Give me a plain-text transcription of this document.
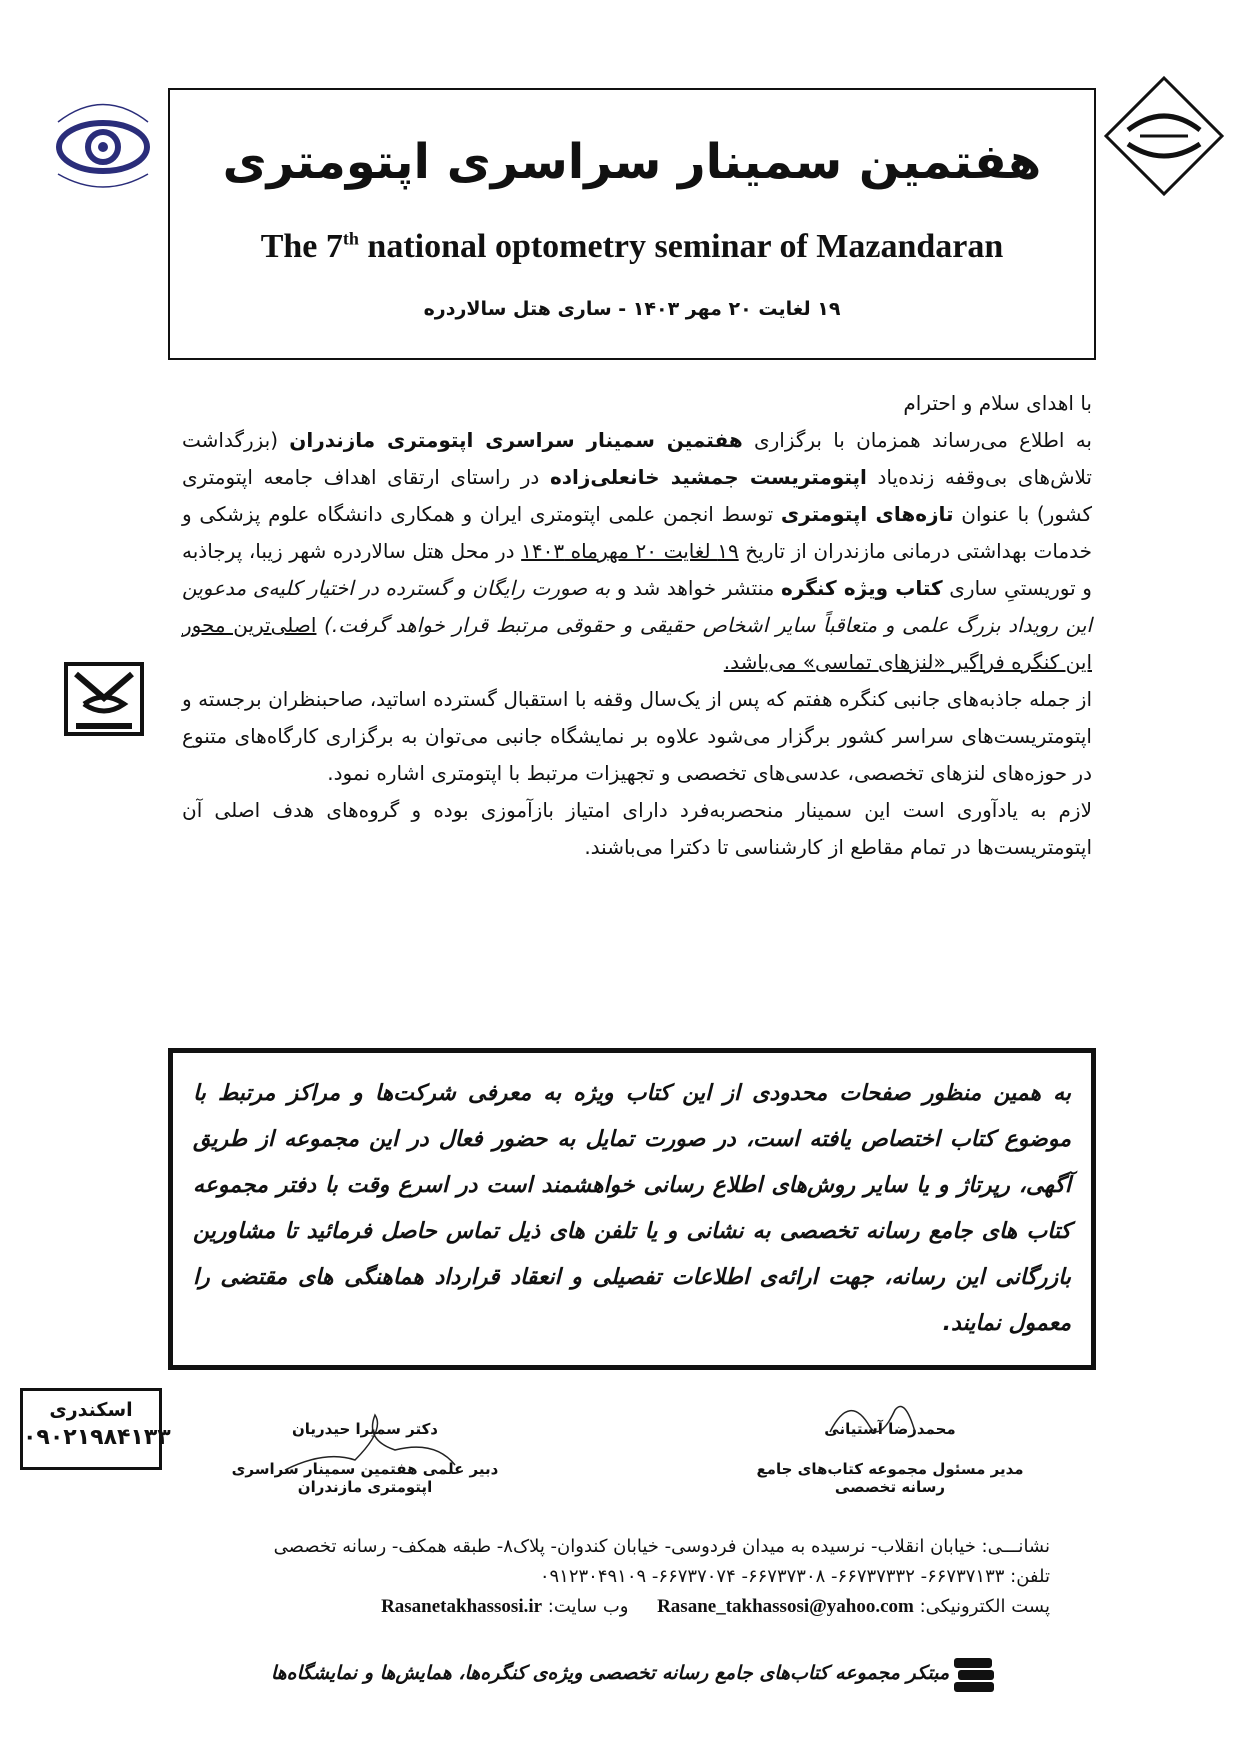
هفتمین سمینار سراسری اپتومتری
The 7th national optometry seminar of Mazandaran
۱۹ لغایت ۲۰ مهر ۱۴۰۳ - ساری هتل سالاردره

با اهدای سلام و احترام

به اطلاع می‌رساند همزمان با برگزاری هفتمین سمینار سراسری اپتومتری مازندران (بزرگداشت تلاش‌های بی‌وقفه زنده‌یاد اپتومتریست جمشید خانعلی‌زاده در راستای ارتقای اهداف جامعه اپتومتری کشور) با عنوان تازه‌های اپتومتری توسط انجمن علمی اپتومتری ایران و همکاری دانشگاه علوم پزشکی و خدمات بهداشتی درمانی مازندران از تاریخ ۱۹ لغایت ۲۰ مهرماه ۱۴۰۳ در محل هتل سالاردره شهر زیبا، پرجاذبه و توریستیِ ساری کتاب ویژه کنگره منتشر خواهد شد و به صورت رایگان و گسترده در اختیار کلیه‌ی مدعوین این رویداد بزرگ علمی و متعاقباً سایر اشخاص حقیقی و حقوقی مرتبط قرار خواهد گرفت.) اصلی‌ترین محور این کنگره فراگیر «لنزهای تماسی» می‌باشد.

از جمله جاذبه‌های جانبی کنگره هفتم که پس از یک‌سال وقفه با استقبال گسترده اساتید، صاحبنظران برجسته و اپتومتریست‌های سراسر کشور برگزار می‌شود علاوه بر نمایشگاه جانبی می‌توان به برگزاری کارگاه‌های متنوع در حوزه‌های لنزهای تخصصی، عدسی‌های تخصصی و تجهیزات مرتبط با اپتومتری اشاره نمود.

لازم به یادآوری است این سمینار منحصربه‌فرد دارای امتیاز بازآموزی بوده و گروه‌های هدف اصلی آن اپتومتریست‌ها در تمام مقاطع از کارشناسی تا دکترا می‌باشند.

به همین منظور صفحات محدودی از این کتاب ویژه به معرفی شرکت‌ها و مراکز مرتبط با موضوع کتاب اختصاص یافته است، در صورت تمایل به حضور فعال در این مجموعه از طریق آگهی، رپرتاژ و یا سایر روش‌های اطلاع رسانی خواهشمند است در اسرع وقت با دفتر مجموعه کتاب های جامع رسانه تخصصی به نشانی و یا تلفن های ذیل تماس حاصل فرمائید تا مشاورین بازرگانی این رسانه، جهت ارائه‌ی اطلاعات تفصیلی و انعقاد قرارداد هماهنگی های مقتضی را معمول نمایند.
اسکندری
۰۹۰۲۱۹۸۴۱۳۳	محمدرضا آستیانی
مدیر مسئول مجموعه کتاب‌های جامع رسانه تخصصی
دکتر سمیرا حیدریان
دبیر علمی هفتمین سمینار سراسری اپتومتری مازندران
نشانـــی: خیابان انقلاب- نرسیده به میدان فردوسی- خیابان کندوان- پلاک۸- طبقه همکف- رسانه تخصصی
تلفن: ۶۶۷۳۷۱۳۳- ۶۶۷۳۷۳۳۲- ۶۶۷۳۷۳۰۸- ۶۶۷۳۷۰۷۴- ۰۹۱۲۳۰۴۹۱۰۹
پست الکترونیکی: Rasane_takhassosi@yahoo.com     وب سایت: Rasanetakhassosi.ir
مبتکر مجموعه کتاب‌های جامع رسانه تخصصی ویژه‌ی کنگره‌ها، همایش‌ها و نمایشگاه‌ها
